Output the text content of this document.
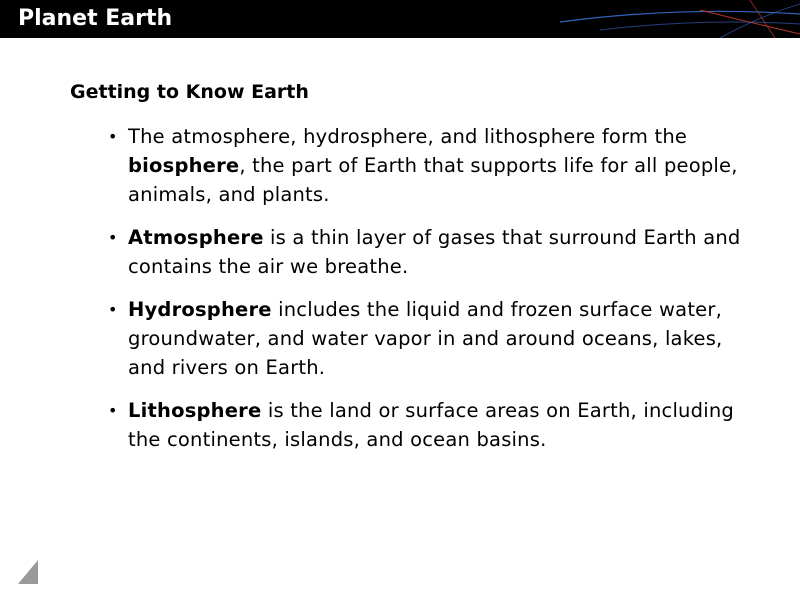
Planet Earth
Getting to Know Earth
• The atmosphere, hydrosphere, and lithosphere form the biosphere, the part of Earth that supports life for all people, animals, and plants.
• Atmosphere is a thin layer of gases that surround Earth and contains the air we breathe.
• Hydrosphere includes the liquid and frozen surface water, groundwater, and water vapor in and around oceans, lakes, and rivers on Earth.
• Lithosphere is the land or surface areas on Earth, including the continents, islands, and ocean basins.
